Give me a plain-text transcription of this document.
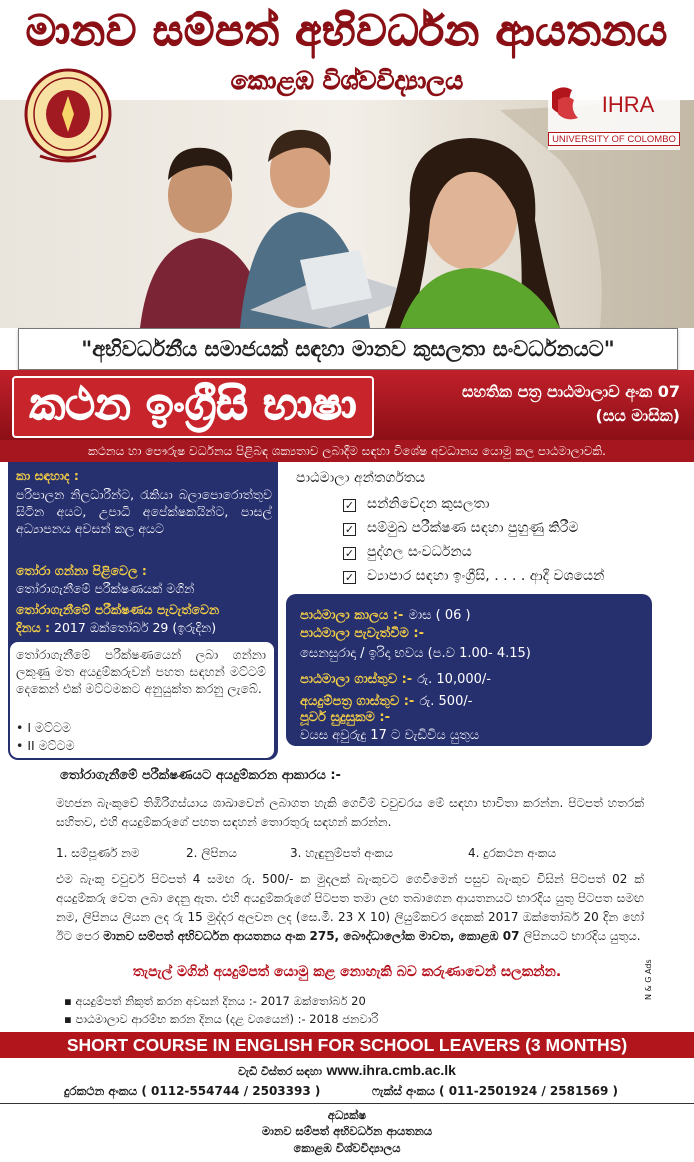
මානව සම්පත් අභිවර්ධන ආයතනය
කොළඹ විශ්වවිද්‍යාලය
IHRA
UNIVERSITY OF COLOMBO
"අභිවර්ධනීය සමාජයක් සඳහා මානව කුසලතා සංවර්ධනයට"
කථන ඉංග්‍රීසි භාෂා	සහතික පත්‍ර පාඨමාලාව අංක 07
(සය මාසික)
කථනය හා පෞරුෂ වර්ධනය පිළිබඳ ශක්‍යතාව ලබාදීම සඳහා විශේෂ අවධානය යොමු කල පාඨමාලාවකි.
කා සඳහාද :
පරිපාලන නිලධාරීන්ට, රැකියා බලාපොරොත්තුව සිටින අයට, උපාධි අපේක්ෂකයින්ට, පාසල් අධ්‍යාපනය අවසන් කල අයට
තෝරා ගන්නා පිළිවෙල :
තෝරාගැනීමේ පරීක්ෂණයක් මගින්
තෝරාගැනීමේ පරීක්ෂණය පැවැත්වෙන
දිනය : 2017 ඔක්තෝබර් 29 (ඉරුදින)
තෝරාගැනීමේ පරීක්ෂණයෙන් ලබා ගන්නා ලකුණු මත අයදුම්කරුවන් පහත සඳහන් මට්ටම් දෙකෙන් එක් මට්ටමකට අනුයුක්ත කරනු ලැබේ.
• I මට්ටම
• II මට්ටම
පාඨමාලා අන්තර්ගතය
✓ සන්නිවේදන කුසලතා
✓ සම්මුඛ පරීක්ෂණ සඳහා පුහුණු කිරීම
✓ පුද්ගල සංවර්ධනය
✓ ව්‍යාපාර සඳහා ඉංග්‍රීසි, . . . . ආදී වශයෙන්
පාඨමාලා කාලය :- මාස ( 06 )
පාඨමාලා පැවැත්වීම :-
සෙනසුරාදා / ඉරිදා භවය (ප.ව 1.00- 4.15)
පාඨමාලා ගාස්තුව :- රු. 10,000/-
අයදුම්පත්‍ර ගාස්තුව :- රු. 500/-
පූර්ව සුදුසුකම :-
වයස අවුරුදු 17 ට වැඩිවිය යුතුය
තෝරාගැනීමේ පරීක්ෂණයට අයදුම්කරන ආකාරය :-
මහජන බැංකුවේ තිඹිරිගස්යාය ශාඛාවෙන් ලබාගත හැකි ගෙවීම් වවුචරය මේ සඳහා භාවිතා කරන්න. පිටපත් හතරක් සහිතව, එහි අයදුම්කරුගේ පහත සඳහන් තොරතුරු සඳහන් කරන්න.
1. සම්පූර්ණ නම	2. ලිපිනය	3. හැඳුනුම්පත් අංකය	4. දුරකථන අංකය
එම බැංකු වවුචර් පිටපත් 4 සමඟ රු. 500/- ක මුදලක් බැංකුවට ගෙවීමෙන් පසුව බැංකුව විසින් පිටපත් 02 ක් අයදුම්කරු වෙත ලබා දෙනු ඇත. එහි අයදුම්කරුගේ පිටපත තමා ලඟ තබාගෙන ආයතනයට භාරදිය යුතු පිටපත සමඟ නම, ලිපිනය ලියන ලද රු 15 මුද්දර අලවන ලද (සෙ.මී. 23 X 10) ලියුම්කවර දෙකක් 2017 ඔක්තෝබර් 20 දින හෝ ඊට පෙර මානව සම්පත් අභිවර්ධන ආයතනය අංක 275, බෞද්ධාලෝක මාවත, කොළඹ 07 ලිපිනයට භාරදිය යුතුය.
තැපැල් මගින් අයදුම්පත් යොමු කළ නොහැකි බව කරුණාවෙන් සලකන්න.
▪ අයදුම්පත් නිකුත් කරන අවසන් දිනය :- 2017 ඔක්තෝබර් 20
▪ පාඨමාලාව ආරම්භ කරන දිනය (දළ වශයෙන්) :- 2018 ජනවාරි
SHORT COURSE IN ENGLISH FOR SCHOOL LEAVERS (3 MONTHS)
වැඩි විස්තර සඳහා www.ihra.cmb.ac.lk
දුරකථන අංකය ( 0112-554744 / 2503393 )	ෆැක්ස් අංකය ( 011-2501924 / 2581569 )
අධ්‍යක්ෂ
මානව සම්පත් අභිවර්ධන ආයතනය
කොළඹ විශ්වවිද්‍යාලය
N & G Ads
